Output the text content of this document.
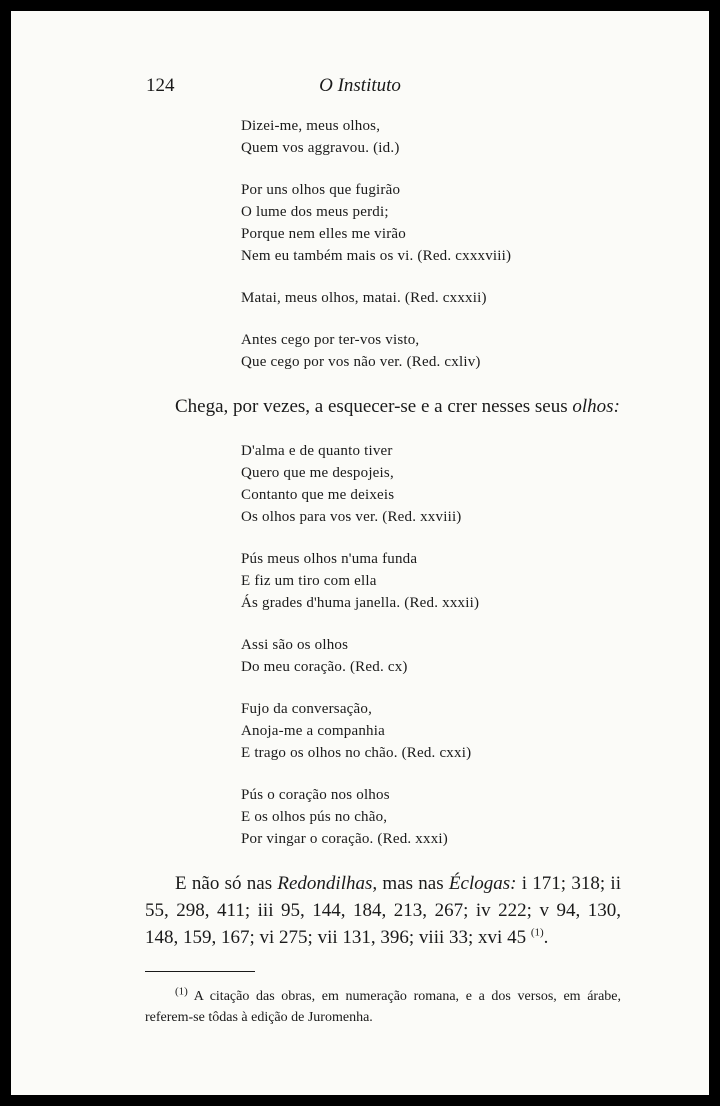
124	O Instituto
Dizei-me, meus olhos,
Quem vos aggravou. (id.)
Por uns olhos que fugirão
O lume dos meus perdi;
Porque nem elles me virão
Nem eu também mais os vi. (Red. cxxxviii)
Matai, meus olhos, matai. (Red. cxxxii)
Antes cego por ter-vos visto,
Que cego por vos não ver. (Red. cxliv)

Chega, por vezes, a esquecer-se e a crer nesses seus olhos:

D'alma e de quanto tiver
Quero que me despojeis,
Contanto que me deixeis
Os olhos para vos ver. (Red. xxviii)
Pús meus olhos n'uma funda
E fiz um tiro com ella
Ás grades d'huma janella. (Red. xxxii)
Assi são os olhos
Do meu coração. (Red. cx)
Fujo da conversação,
Anoja-me a companhia
E trago os olhos no chão. (Red. cxxi)
Pús o coração nos olhos
E os olhos pús no chão,
Por vingar o coração. (Red. xxxi)

E não só nas Redondilhas, mas nas Éclogas: i 171; 318; ii 55, 298, 411; iii 95, 144, 184, 213, 267; iv 222; v 94, 130, 148, 159, 167; vi 275; vii 131, 396; viii 33; xvi 45 $^{(1)}$.

$^{(1)}$ A citação das obras, em numeração romana, e a dos versos, em árabe, referem-se tôdas à edição de Juromenha.
